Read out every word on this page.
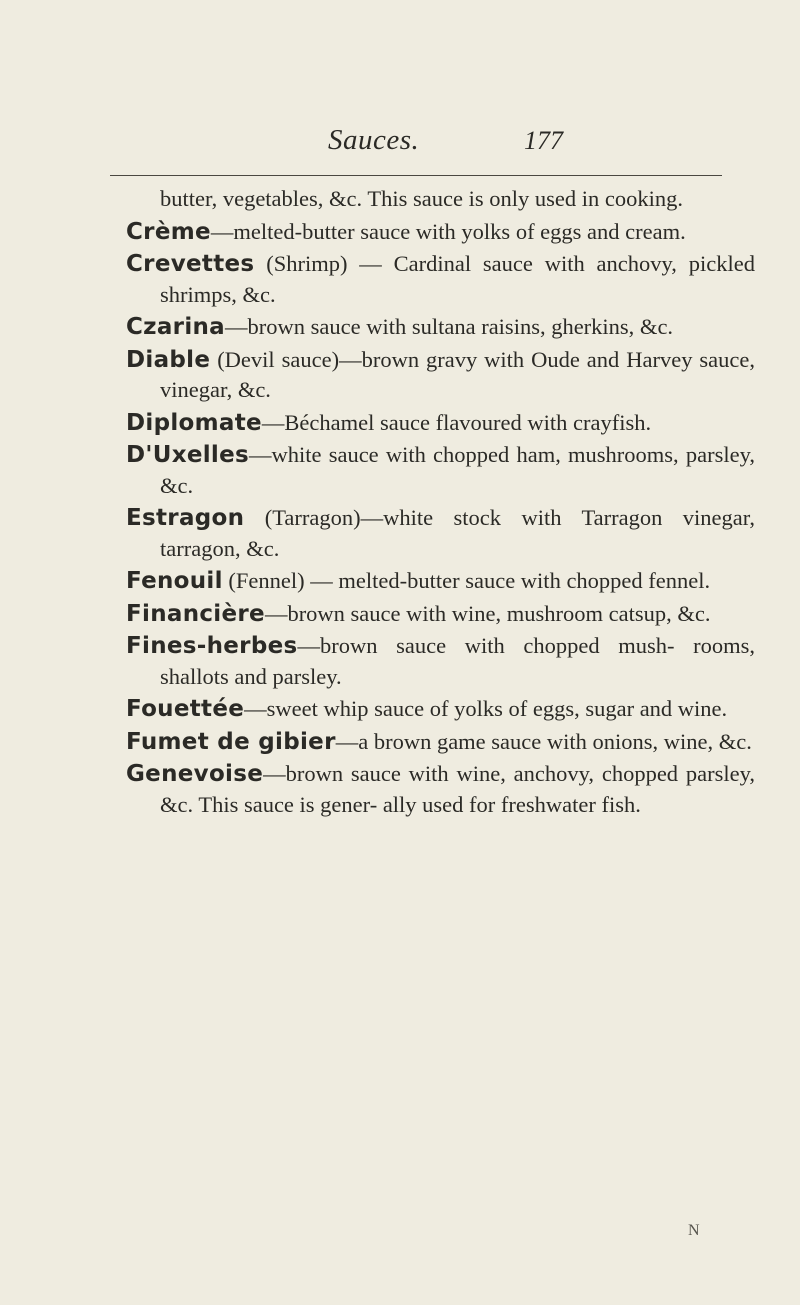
Sauces.	177
butter, vegetables, &c. This sauce is only used in cooking.
Crème—melted-butter sauce with yolks of eggs and cream.
Crevettes (Shrimp) — Cardinal sauce with anchovy, pickled shrimps, &c.
Czarina—brown sauce with sultana raisins, gherkins, &c.
Diable (Devil sauce)—brown gravy with Oude and Harvey sauce, vinegar, &c.
Diplomate—Béchamel sauce flavoured with crayfish.
D'Uxelles—white sauce with chopped ham, mushrooms, parsley, &c.
Estragon (Tarragon)—white stock with Tarragon vinegar, tarragon, &c.
Fenouil (Fennel) — melted-butter sauce with chopped fennel.
Financière—brown sauce with wine, mushroom catsup, &c.
Fines-herbes—brown sauce with chopped mush- rooms, shallots and parsley.
Fouettée—sweet whip sauce of yolks of eggs, sugar and wine.
Fumet de gibier—a brown game sauce with onions, wine, &c.
Genevoise—brown sauce with wine, anchovy, chopped parsley, &c. This sauce is gener- ally used for freshwater fish.
N
